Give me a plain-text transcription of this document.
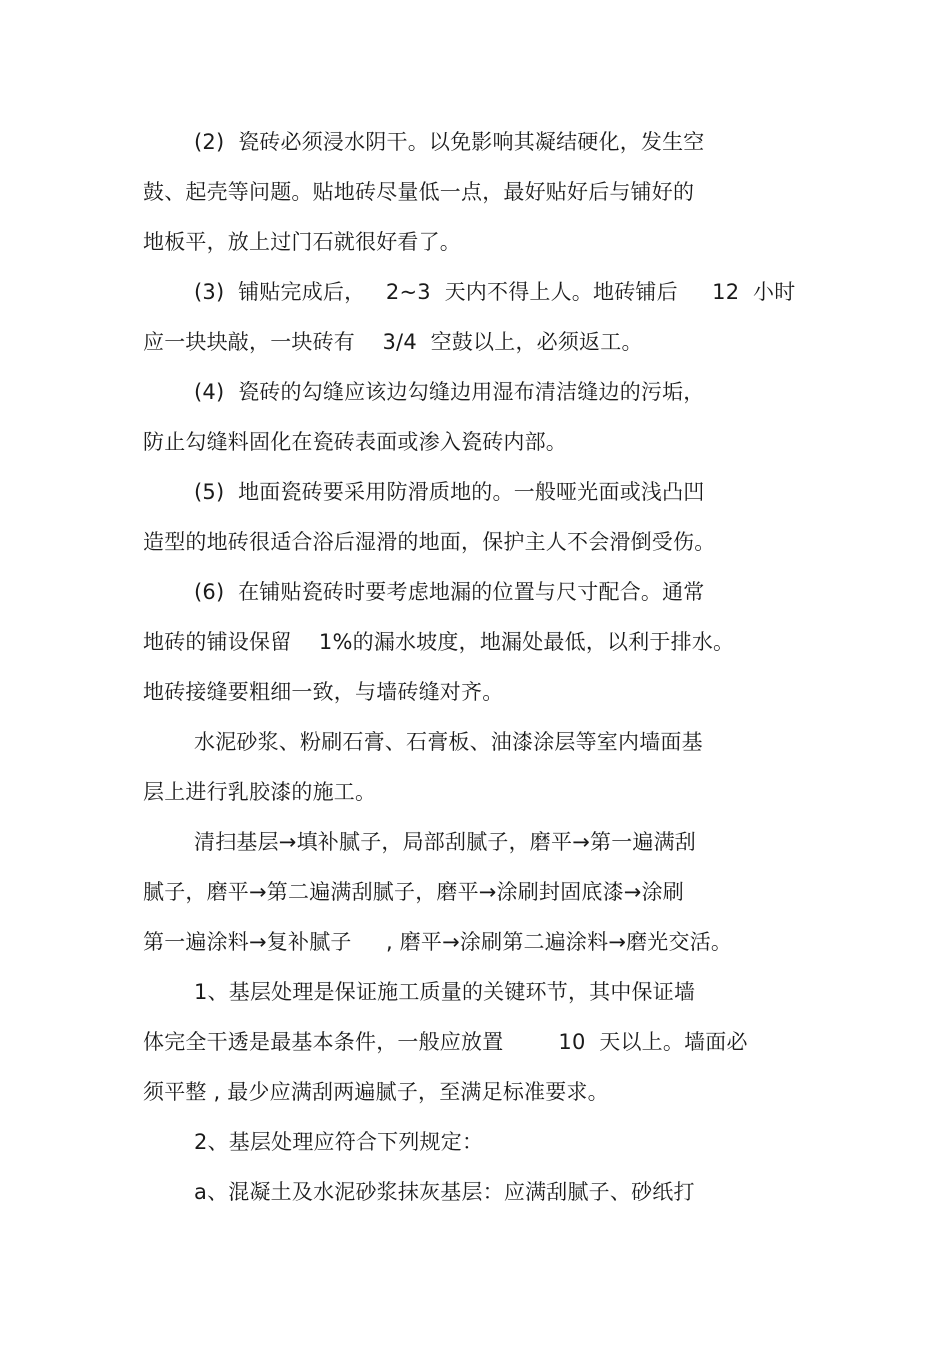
(2)  瓷砖必须浸水阴干。以免影响其凝结硬化，发生空
鼓、起壳等问题。贴地砖尽量低一点，最好贴好后与铺好的
地板平，放上过门石就很好看了。
(3)  铺贴完成后，   2~3  天内不得上人。地砖铺后     12  小时
应一块块敲，一块砖有    3/4  空鼓以上，必须返工。
(4)  瓷砖的勾缝应该边勾缝边用湿布清洁缝边的污垢，
防止勾缝料固化在瓷砖表面或渗入瓷砖内部。
(5)  地面瓷砖要采用防滑质地的。一般哑光面或浅凸凹
造型的地砖很适合浴后湿滑的地面，保护主人不会滑倒受伤。
(6)  在铺贴瓷砖时要考虑地漏的位置与尺寸配合。通常
地砖的铺设保留    1%的漏水坡度，地漏处最低，以利于排水。
地砖接缝要粗细一致，与墙砖缝对齐。
水泥砂浆、粉刷石膏、石膏板、油漆涂层等室内墙面基
层上进行乳胶漆的施工。
清扫基层→填补腻子，局部刮腻子，磨平→第一遍满刮
腻子，磨平→第二遍满刮腻子，磨平→涂刷封固底漆→涂刷
第一遍涂料→复补腻子     , 磨平→涂刷第二遍涂料→磨光交活。
1、基层处理是保证施工质量的关键环节，其中保证墙
体完全干透是最基本条件，一般应放置        10  天以上。墙面必
须平整 , 最少应满刮两遍腻子，至满足标准要求。
2、基层处理应符合下列规定：
a、混凝土及水泥砂浆抹灰基层：应满刮腻子、砂纸打
